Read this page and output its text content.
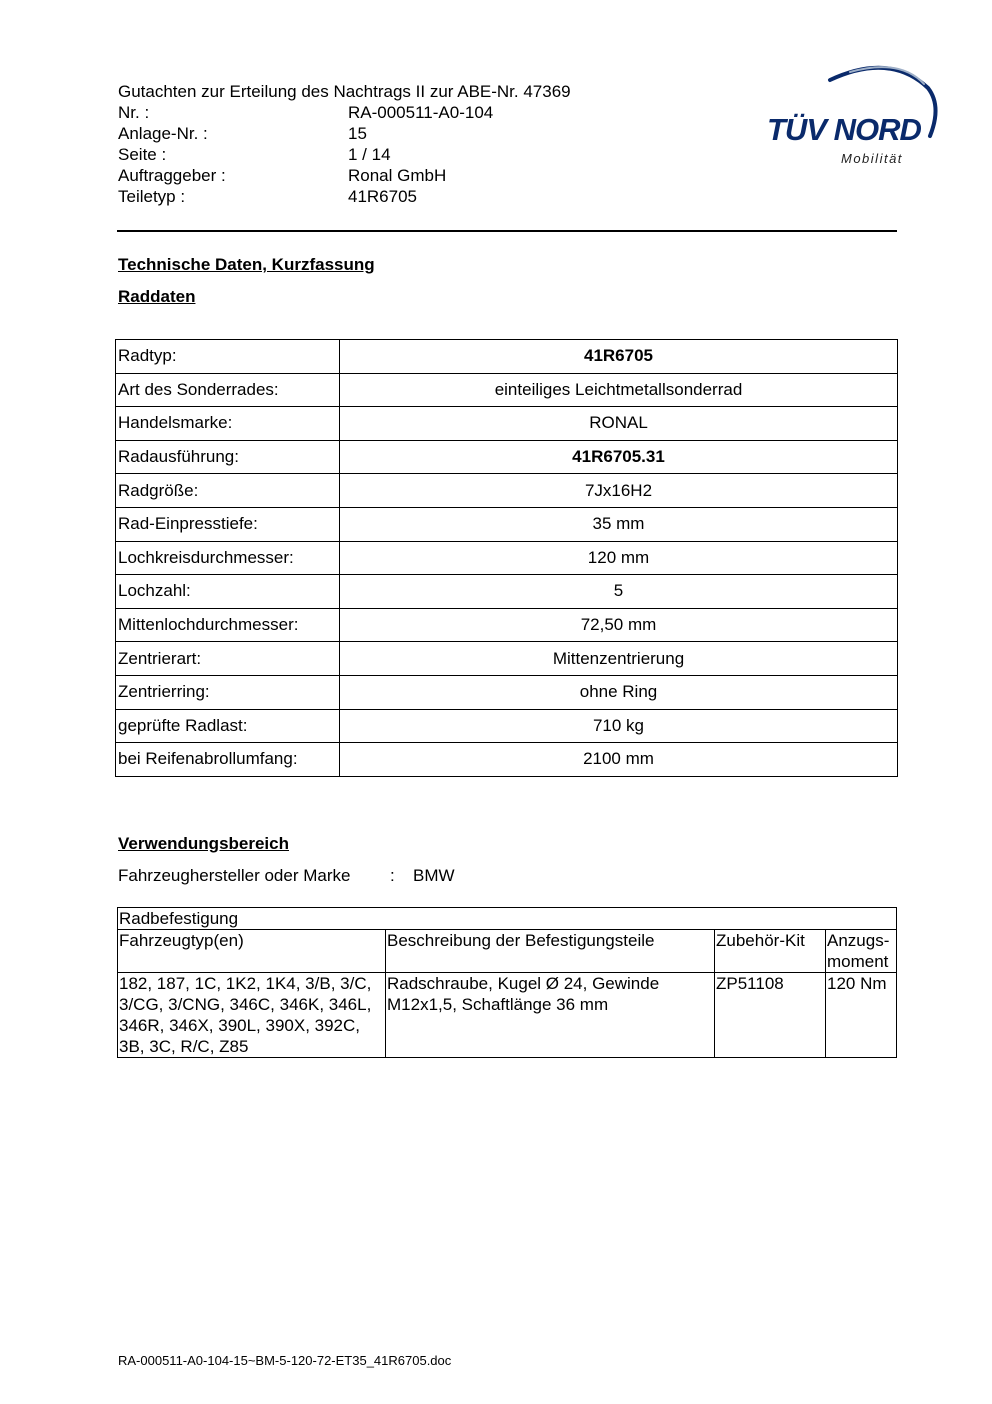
Gutachten zur Erteilung des Nachtrags II zur ABE-Nr. 47369
Nr. :	RA-000511-A0-104
Anlage-Nr. :	15
Seite :	1 / 14
Auftraggeber :	Ronal GmbH
Teiletyp :	41R6705
TÜV NORD
Mobilität
Technische Daten, Kurzfassung
Raddaten
Radtyp:	41R6705
Art des Sonderrades:	einteiliges Leichtmetallsonderrad
Handelsmarke:	RONAL
Radausführung:	41R6705.31
Radgröße:	7Jx16H2
Rad-Einpresstiefe:	35 mm
Lochkreisdurchmesser:	120 mm
Lochzahl:	5
Mittenlochdurchmesser:	72,50 mm
Zentrierart:	Mittenzentrierung
Zentrierring:	ohne Ring
geprüfte Radlast:	710 kg
bei Reifenabrollumfang:	2100 mm
Verwendungsbereich
Fahrzeughersteller oder Marke : BMW
Radbefestigung			
Fahrzeugtyp(en)	Beschreibung der Befestigungsteile	Zubehör-Kit	Anzugs-moment
182, 187, 1C, 1K2, 1K4, 3/B, 3/C, 3/CG, 3/CNG, 346C, 346K, 346L, 346R, 346X, 390L, 390X, 392C, 3B, 3C, R/C, Z85	Radschraube, Kugel Ø 24, Gewinde M12x1,5, Schaftlänge 36 mm	ZP51108	120 Nm
RA-000511-A0-104-15~BM-5-120-72-ET35_41R6705.doc
